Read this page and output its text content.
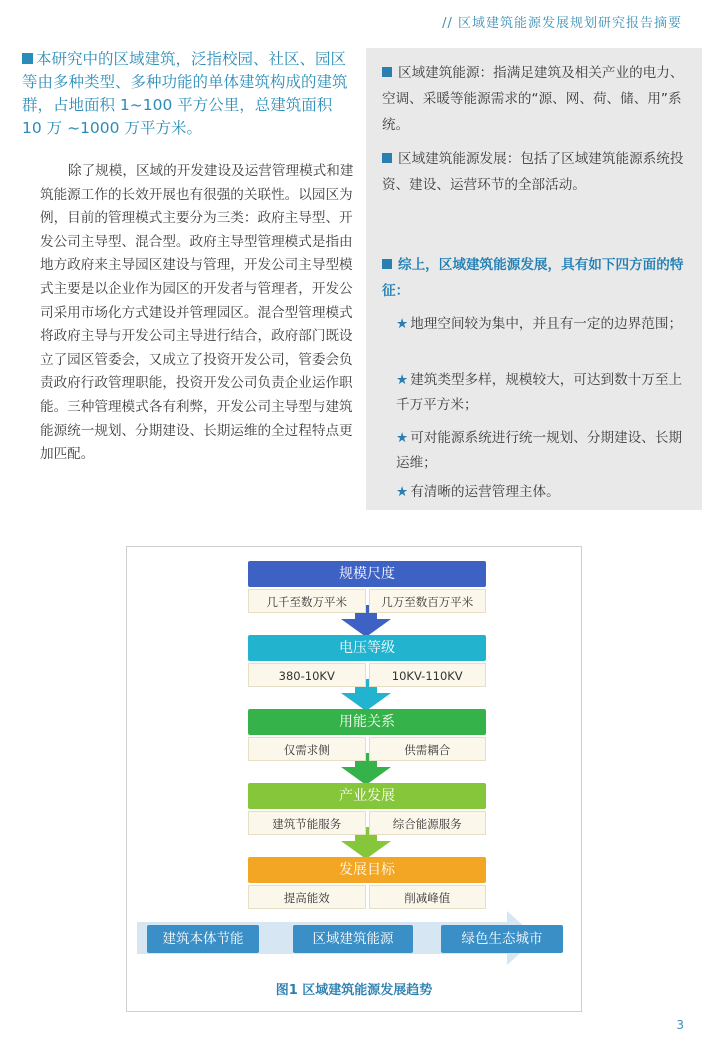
// 区域建筑能源发展规划研究报告摘要
本研究中的区域建筑，泛指校园、社区、园区等由多种类型、多种功能的单体建筑构成的建筑群，占地面积 1~100 平方公里，总建筑面积 10 万 ~1000 万平方米。
除了规模，区域的开发建设及运营管理模式和建筑能源工作的长效开展也有很强的关联性。以园区为例，目前的管理模式主要分为三类：政府主导型、开发公司主导型、混合型。政府主导型管理模式是指由地方政府来主导园区建设与管理，开发公司主导型模式主要是以企业作为园区的开发者与管理者，开发公司采用市场化方式建设并管理园区。混合型管理模式将政府主导与开发公司主导进行结合，政府部门既设立了园区管委会，又成立了投资开发公司，管委会负责政府行政管理职能，投资开发公司负责企业运作职能。三种管理模式各有利弊，开发公司主导型与建筑能源统一规划、分期建设、长期运维的全过程特点更加匹配。
区域建筑能源：指满足建筑及相关产业的电力、空调、采暖等能源需求的“源、网、荷、储、用”系统。
区域建筑能源发展：包括了区域建筑能源系统投资、建设、运营环节的全部活动。
综上，区域建筑能源发展，具有如下四方面的特征：
★ 地理空间较为集中，并且有一定的边界范围；
★ 建筑类型多样，规模较大，可达到数十万至上千万平方米；
★ 可对能源系统进行统一规划、分期建设、长期运维；
★ 有清晰的运营管理主体。
规模尺度
几千至数万平米	几万至数百万平米
电压等级
380-10KV	10KV-110KV
用能关系
仅需求侧	供需耦合
产业发展
建筑节能服务	综合能源服务
发展目标
提高能效	削减峰值
建筑本体节能	区域建筑能源	绿色生态城市
图1 区域建筑能源发展趋势
3
